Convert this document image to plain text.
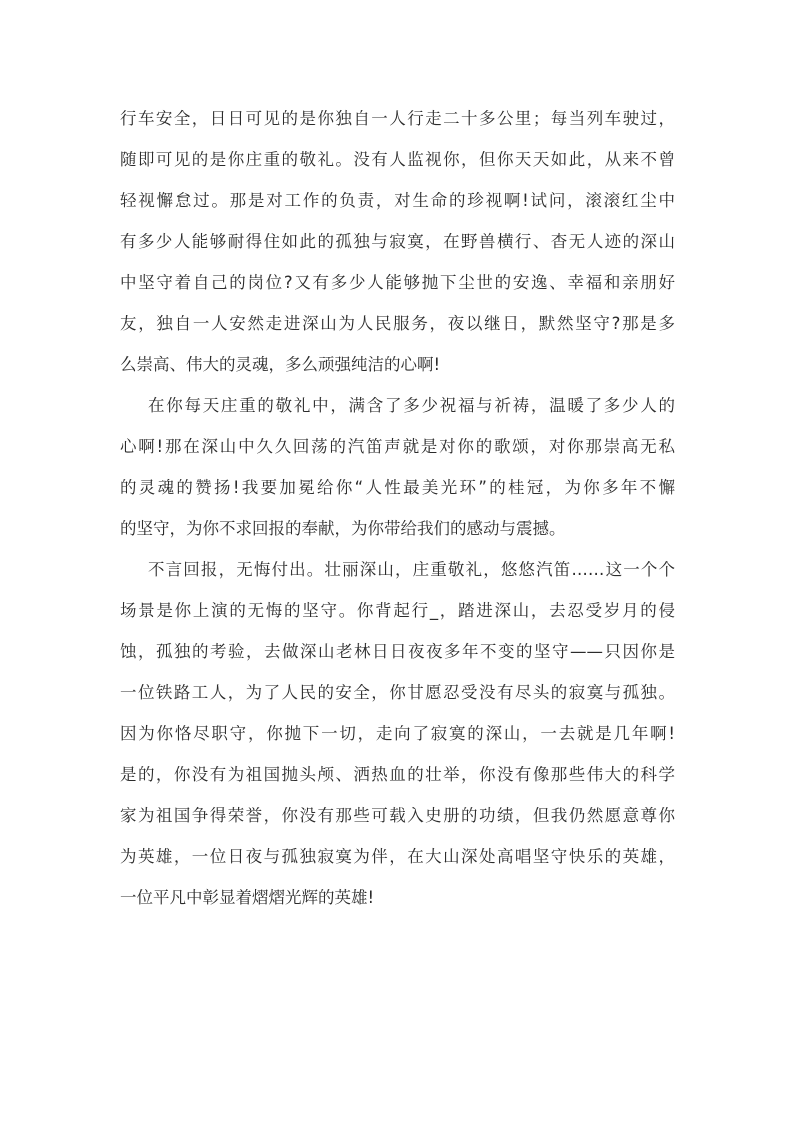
行车安全，日日可见的是你独自一人行走二十多公里；每当列车驶过，
随即可见的是你庄重的敬礼。没有人监视你，但你天天如此，从来不曾
轻视懈怠过。那是对工作的负责，对生命的珍视啊!试问，滚滚红尘中
有多少人能够耐得住如此的孤独与寂寞，在野兽横行、杳无人迹的深山
中坚守着自己的岗位?又有多少人能够抛下尘世的安逸、幸福和亲朋好
友，独自一人安然走进深山为人民服务，夜以继日，默然坚守?那是多
么崇高、伟大的灵魂，多么顽强纯洁的心啊!
在你每天庄重的敬礼中，满含了多少祝福与祈祷，温暖了多少人的
心啊!那在深山中久久回荡的汽笛声就是对你的歌颂，对你那崇高无私
的灵魂的赞扬!我要加冕给你“人性最美光环”的桂冠，为你多年不懈
的坚守，为你不求回报的奉献，为你带给我们的感动与震撼。
不言回报，无悔付出。壮丽深山，庄重敬礼，悠悠汽笛……这一个个
场景是你上演的无悔的坚守。你背起行_，踏进深山，去忍受岁月的侵
蚀，孤独的考验，去做深山老林日日夜夜多年不变的坚守——只因你是
一位铁路工人，为了人民的安全，你甘愿忍受没有尽头的寂寞与孤独。
因为你恪尽职守，你抛下一切，走向了寂寞的深山，一去就是几年啊!
是的，你没有为祖国抛头颅、洒热血的壮举，你没有像那些伟大的科学
家为祖国争得荣誉，你没有那些可载入史册的功绩，但我仍然愿意尊你
为英雄，一位日夜与孤独寂寞为伴，在大山深处高唱坚守快乐的英雄，
一位平凡中彰显着熠熠光辉的英雄!
